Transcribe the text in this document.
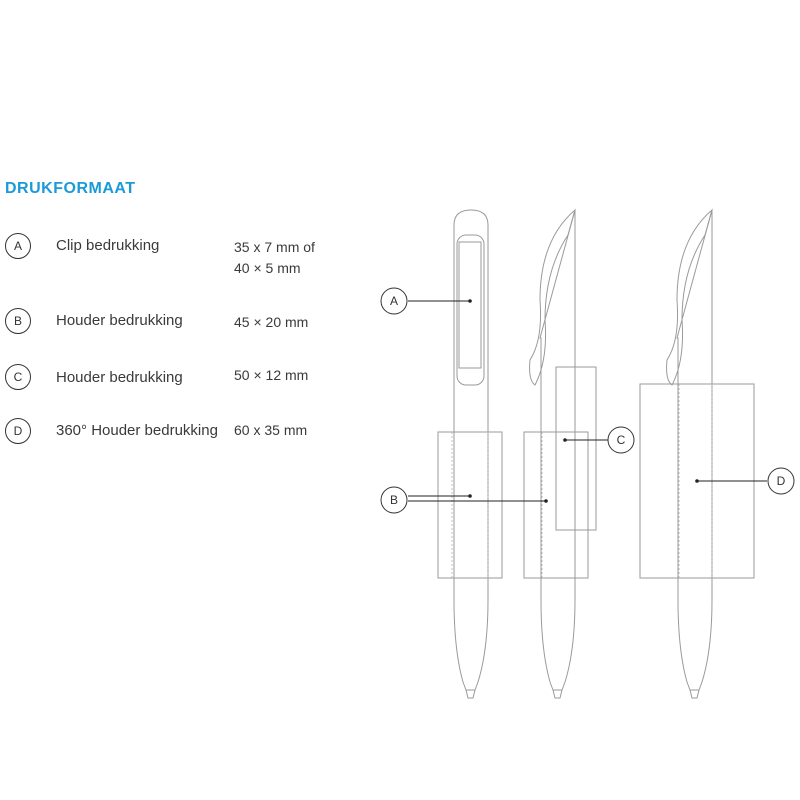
DRUKFORMAAT
A	Clip bedrukking	35 x 7 mm of
40 × 5 mm
B	Houder bedrukking	45 × 20 mm
C	Houder bedrukking	50 × 12 mm
D	360° Houder bedrukking 60 x 35 mm
A
B
C
D
